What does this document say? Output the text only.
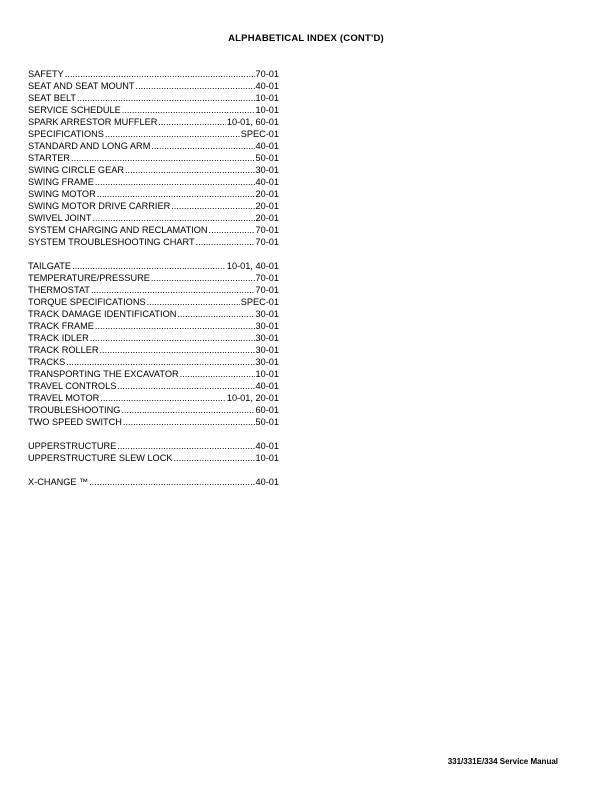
ALPHABETICAL INDEX (CONT'D)
SAFETY .....	70-01
SEAT AND SEAT MOUNT .....	40-01
SEAT BELT .....	10-01
SERVICE SCHEDULE .....	10-01
SPARK ARRESTOR MUFFLER .....	10-01, 60-01
SPECIFICATIONS .....	SPEC-01
STANDARD AND LONG ARM .....	40-01
STARTER .....	50-01
SWING CIRCLE GEAR .....	30-01
SWING FRAME .....	40-01
SWING MOTOR .....	20-01
SWING MOTOR DRIVE CARRIER .....	20-01
SWIVEL JOINT .....	20-01
SYSTEM CHARGING AND RECLAMATION .....	70-01
SYSTEM TROUBLESHOOTING CHART .....	70-01
TAILGATE .....	10-01, 40-01
TEMPERATURE/PRESSURE .....	70-01
THERMOSTAT .....	70-01
TORQUE SPECIFICATIONS .....	SPEC-01
TRACK DAMAGE IDENTIFICATION .....	30-01
TRACK FRAME .....	30-01
TRACK IDLER .....	30-01
TRACK ROLLER .....	30-01
TRACKS .....	30-01
TRANSPORTING THE EXCAVATOR .....	10-01
TRAVEL CONTROLS .....	40-01
TRAVEL MOTOR .....	10-01, 20-01
TROUBLESHOOTING .....	60-01
TWO SPEED SWITCH .....	50-01
UPPERSTRUCTURE .....	40-01
UPPERSTRUCTURE SLEW LOCK .....	10-01
X-CHANGE ™ .....	40-01
331/331E/334 Service Manual
